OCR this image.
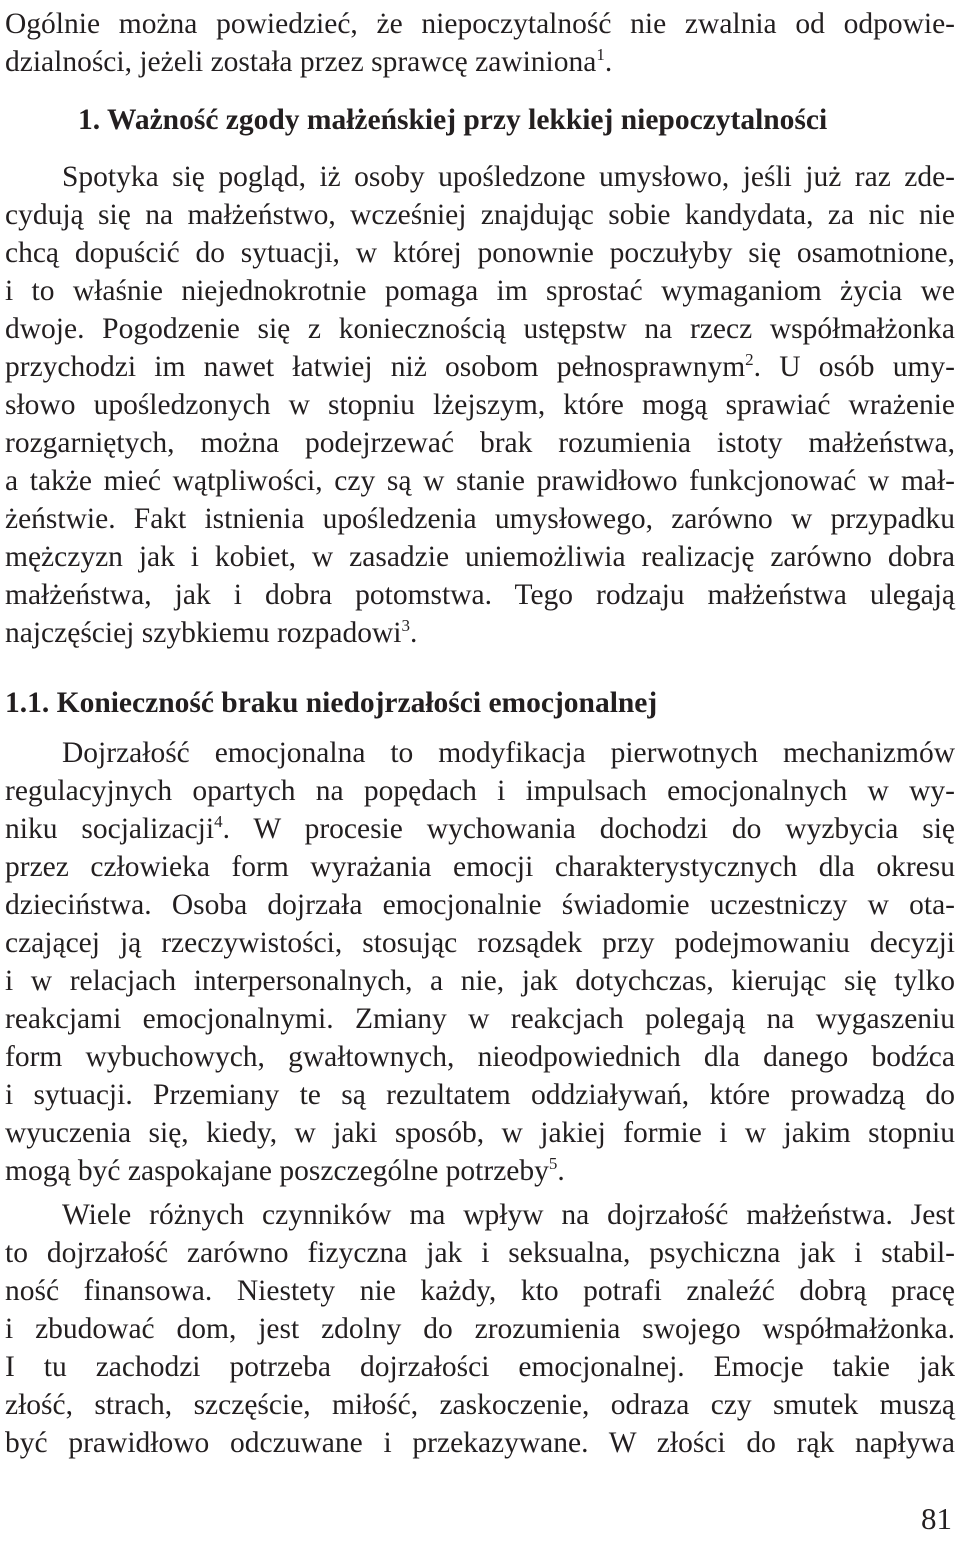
Ogólnie można powiedzieć, że niepoczytalność nie zwalnia od odpowie-
dzialności, jeżeli została przez sprawcę zawiniona$^1$.
1. Ważność zgody małżeńskiej przy lekkiej niepoczytalności
Spotyka się pogląd, iż osoby upośledzone umysłowo, jeśli już raz zde-
cydują się na małżeństwo, wcześniej znajdując sobie kandydata, za nic nie
chcą dopuścić do sytuacji, w której ponownie poczułyby się osamotnione,
i to właśnie niejednokrotnie pomaga im sprostać wymaganiom życia we
dwoje. Pogodzenie się z koniecznością ustępstw na rzecz współmałżonka
przychodzi im nawet łatwiej niż osobom pełnosprawnym$^2$. U osób umy-
słowo upośledzonych w stopniu lżejszym, które mogą sprawiać wrażenie
rozgarniętych, można podejrzewać brak rozumienia istoty małżeństwa,
a także mieć wątpliwości, czy są w stanie prawidłowo funkcjonować w mał-
żeństwie. Fakt istnienia upośledzenia umysłowego, zarówno w przypadku
mężczyzn jak i kobiet, w zasadzie uniemożliwia realizację zarówno dobra
małżeństwa, jak i dobra potomstwa. Tego rodzaju małżeństwa ulegają
najczęściej szybkiemu rozpadowi$^3$.
1.1. Konieczność braku niedojrzałości emocjonalnej
Dojrzałość emocjonalna to modyfikacja pierwotnych mechanizmów
regulacyjnych opartych na popędach i impulsach emocjonalnych w wy-
niku socjalizacji$^4$. W procesie wychowania dochodzi do wyzbycia się
przez człowieka form wyrażania emocji charakterystycznych dla okresu
dzieciństwa. Osoba dojrzała emocjonalnie świadomie uczestniczy w ota-
czającej ją rzeczywistości, stosując rozsądek przy podejmowaniu decyzji
i w relacjach interpersonalnych, a nie, jak dotychczas, kierując się tylko
reakcjami emocjonalnymi. Zmiany w reakcjach polegają na wygaszeniu
form wybuchowych, gwałtownych, nieodpowiednich dla danego bodźca
i sytuacji. Przemiany te są rezultatem oddziaływań, które prowadzą do
wyuczenia się, kiedy, w jaki sposób, w jakiej formie i w jakim stopniu
mogą być zaspokajane poszczególne potrzeby$^5$.
Wiele różnych czynników ma wpływ na dojrzałość małżeństwa. Jest
to dojrzałość zarówno fizyczna jak i seksualna, psychiczna jak i stabil-
ność finansowa. Niestety nie każdy, kto potrafi znaleźć dobrą pracę
i zbudować dom, jest zdolny do zrozumienia swojego współmałżonka.
I tu zachodzi potrzeba dojrzałości emocjonalnej. Emocje takie jak
złość, strach, szczęście, miłość, zaskoczenie, odraza czy smutek muszą
być prawidłowo odczuwane i przekazywane. W złości do rąk napływa
81
